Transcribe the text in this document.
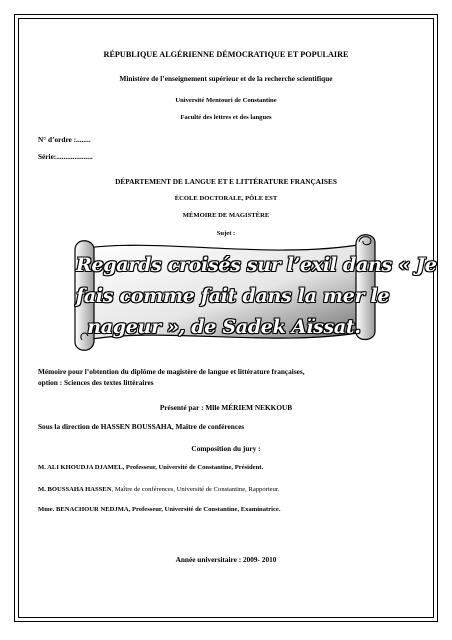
RÉPUBLIQUE ALGÉRIENNE DÉMOCRATIQUE ET POPULAIRE
Ministère de l’enseignement supérieur et de la recherche scientifique
Université Mentouri de Constantine
Faculté des lettres et des langues
N° d’ordre :........
Série:....................
DÉPARTEMENT DE LANGUE ET E LITTÉRATURE FRANÇAISES
ÉCOLE DOCTORALE, PÔLE EST
MÉMOIRE DE MAGISTÈRE
Sujet :
Regards croisés sur l’exil dans « Je
fais comme fait dans la mer le
nageur », de Sadek Aïssat.
Mémoire pour l’obtention du diplôme de magistère de langue et littérature françaises,
option : Sciences des textes littéraires
Présenté par : Mlle MÉRIEM NEKKOUB
Sous la direction de HASSEN BOUSSAHA, Maître de conférences
Composition du jury :
M. ALI KHOUDJA DJAMEL, Professeur, Université de Constantine, Président.
M. BOUSSAHA HASSEN, Maître de conférences, Université de Constantine, Rapporteur.
Mme. BENACHOUR NEDJMA, Professeur, Université de Constantine, Examinatrice.
Année universitaire : 2009- 2010
